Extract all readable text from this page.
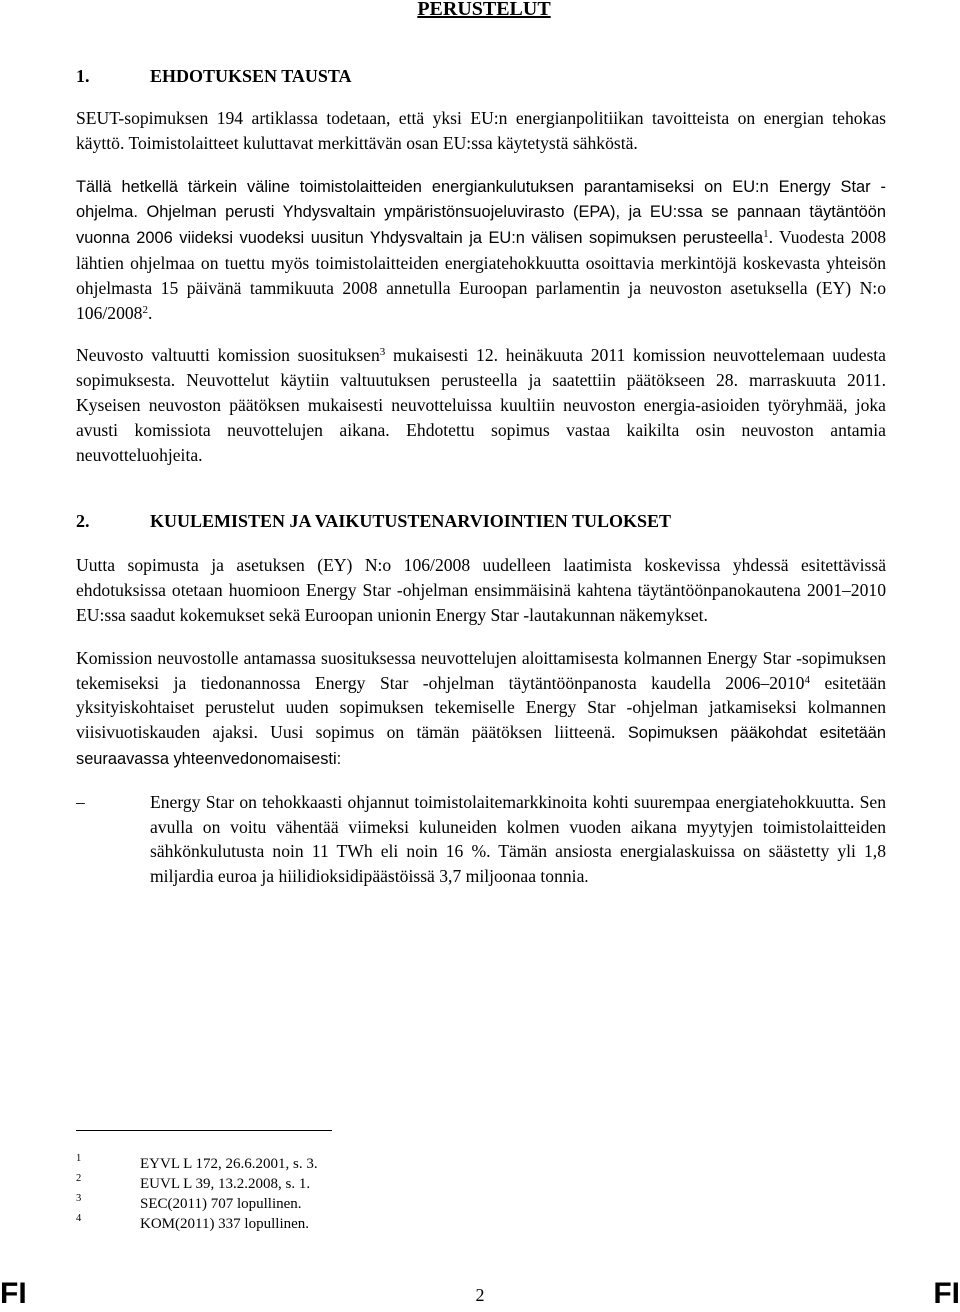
PERUSTELUT
1.	EHDOTUKSEN TAUSTA

SEUT-sopimuksen 194 artiklassa todetaan, että yksi EU:n energianpolitiikan tavoitteista on energian tehokas käyttö. Toimistolaitteet kuluttavat merkittävän osan EU:ssa käytetystä sähköstä.

Tällä hetkellä tärkein väline toimistolaitteiden energiankulutuksen parantamiseksi on EU:n Energy Star -ohjelma. Ohjelman perusti Yhdysvaltain ympäristönsuojeluvirasto (EPA), ja EU:ssa se pannaan täytäntöön vuonna 2006 viideksi vuodeksi uusitun Yhdysvaltain ja EU:n välisen sopimuksen perusteella$^1$. Vuodesta 2008 lähtien ohjelmaa on tuettu myös toimistolaitteiden energiatehokkuutta osoittavia merkintöjä koskevasta yhteisön ohjelmasta 15 päivänä tammikuuta 2008 annetulla Euroopan parlamentin ja neuvoston asetuksella (EY) N:o 106/2008$^2$.

Neuvosto valtuutti komission suosituksen$^3$ mukaisesti 12. heinäkuuta 2011 komission neuvottelemaan uudesta sopimuksesta. Neuvottelut käytiin valtuutuksen perusteella ja saatettiin päätökseen 28. marraskuuta 2011. Kyseisen neuvoston päätöksen mukaisesti neuvotteluissa kuultiin neuvoston energia-asioiden työryhmää, joka avusti komissiota neuvottelujen aikana. Ehdotettu sopimus vastaa kaikilta osin neuvoston antamia neuvotteluohjeita.

2.	KUULEMISTEN JA VAIKUTUSTENARVIOINTIEN TULOKSET

Uutta sopimusta ja asetuksen (EY) N:o 106/2008 uudelleen laatimista koskevissa yhdessä esitettävissä ehdotuksissa otetaan huomioon Energy Star -ohjelman ensimmäisinä kahtena täytäntöönpanokautena 2001–2010 EU:ssa saadut kokemukset sekä Euroopan unionin Energy Star -lautakunnan näkemykset.

Komission neuvostolle antamassa suosituksessa neuvottelujen aloittamisesta kolmannen Energy Star -sopimuksen tekemiseksi ja tiedonannossa Energy Star -ohjelman täytäntöönpanosta kaudella 2006–2010$^4$ esitetään yksityiskohtaiset perustelut uuden sopimuksen tekemiselle Energy Star -ohjelman jatkamiseksi kolmannen viisivuotiskauden ajaksi. Uusi sopimus on tämän päätöksen liitteenä. Sopimuksen pääkohdat esitetään seuraavassa yhteenvedonomaisesti:

–	Energy Star on tehokkaasti ohjannut toimistolaitemarkkinoita kohti suurempaa energiatehokkuutta. Sen avulla on voitu vähentää viimeksi kuluneiden kolmen vuoden aikana myytyjen toimistolaitteiden sähkönkulutusta noin 11 TWh eli noin 16 %. Tämän ansiosta energialaskuissa on säästetty yli 1,8 miljardia euroa ja hiilidioksidipäästöissä 3,7 miljoonaa tonnia.
1	EYVL L 172, 26.6.2001, s. 3.
2	EUVL L 39, 13.2.2008, s. 1.
3	SEC(2011) 707 lopullinen.
4	KOM(2011) 337 lopullinen.
FI	2	FI
